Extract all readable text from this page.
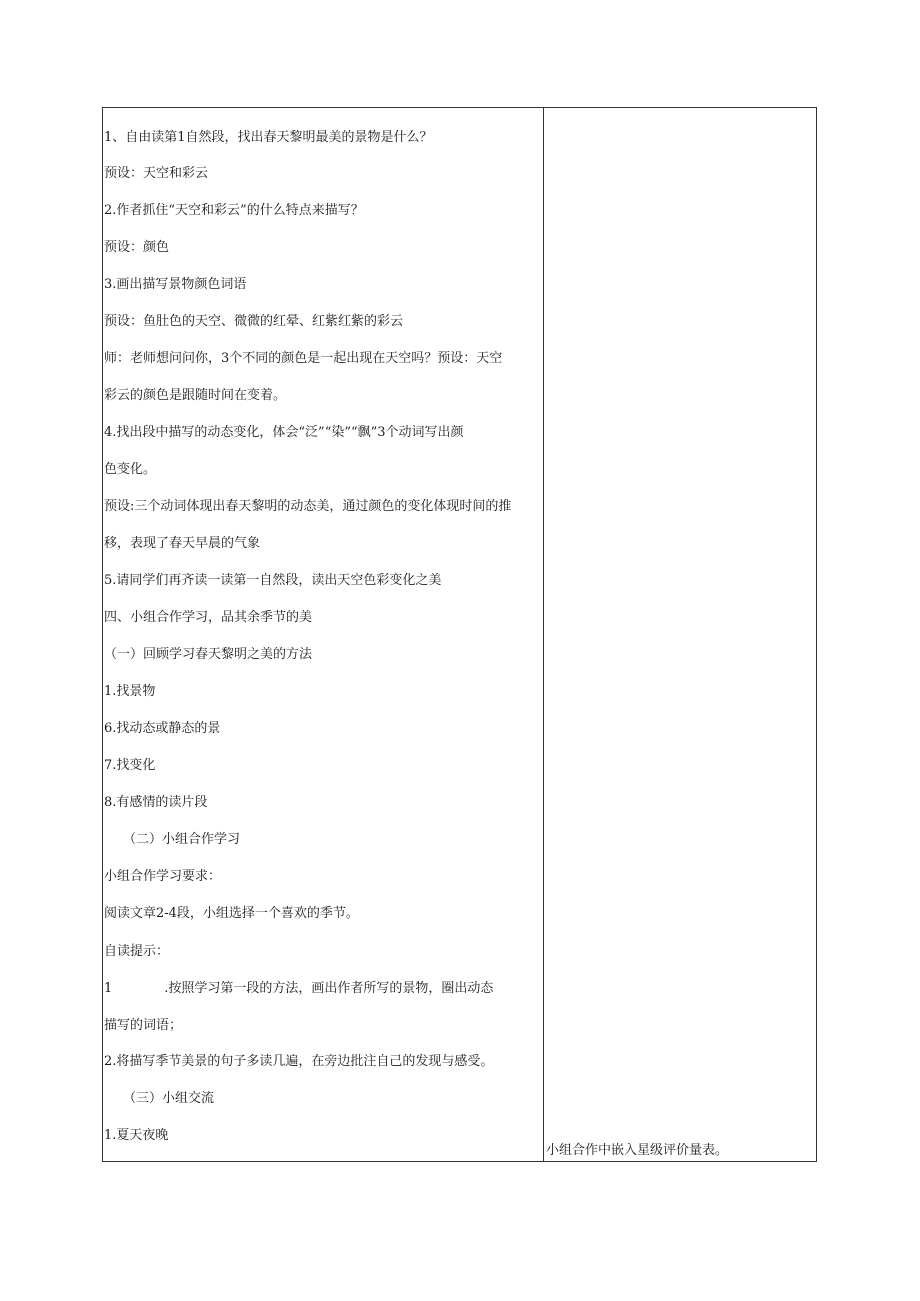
1、自由读第1自然段，找出春天黎明最美的景物是什么？
预设：天空和彩云
2.作者抓住“天空和彩云”的什么特点来描写？
预设：颜色
3.画出描写景物颜色词语
预设：鱼肚色的天空、微微的红晕、红紫红紫的彩云
师：老师想问问你，3个不同的颜色是一起出现在天空吗？预设：天空
彩云的颜色是跟随时间在变着。
4.找出段中描写的动态变化，体会“泛”“染”“飘”3个动词写出颜
色变化。
预设:三个动词体现出春天黎明的动态美，通过颜色的变化体现时间的推
移，表现了春天早晨的气象
5.请同学们再齐读一读第一自然段，读出天空色彩变化之美
四、小组合作学习，品其余季节的美
（一）回顾学习春天黎明之美的方法
1.找景物
6.找动态或静态的景
7.找变化
8.有感情的读片段
（二）小组合作学习
小组合作学习要求：
阅读文章2-4段，小组选择一个喜欢的季节。
自读提示：
1	.按照学习第一段的方法，画出作者所写的景物，圈出动态
描写的词语；
2.将描写季节美景的句子多读几遍，在旁边批注自己的发现与感受。
（三）小组交流
1.夏天夜晚
小组合作中嵌入星级评价量表。
